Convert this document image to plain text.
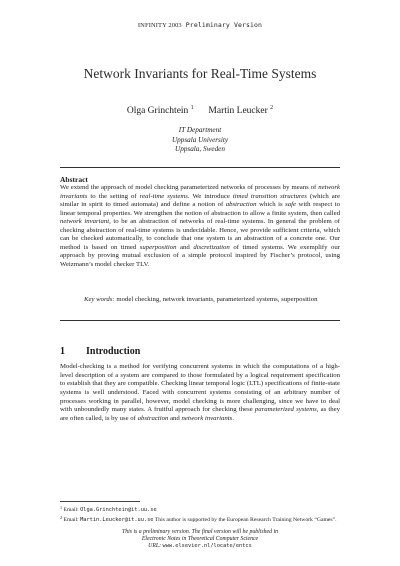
INFINITY 2003 Preliminary Version
Network Invariants for Real-Time Systems
Olga Grinchtein $^1$ Martin Leucker $^2$
IT Department
Uppsala University
Uppsala, Sweden
Abstract
We extend the approach of model checking parameterized networks of processes by means of network invariants to the setting of real-time systems. We introduce timed transition structures (which are similar in spirit to timed automata) and define a notion of abstraction which is safe with respect to linear temporal properties. We strengthen the notion of abstraction to allow a finite system, then called network invariant, to be an abstraction of networks of real-time systems. In general the problem of checking abstraction of real-time systems is undecidable. Hence, we provide sufficient criteria, which can be checked automatically, to conclude that one system is an abstraction of a concrete one. Our method is based on timed superposition and discretization of timed systems. We exemplify our approach by proving mutual exclusion of a simple protocol inspired by Fischer’s protocol, using Weizmann’s model checker TLV.
Key words: model checking, network invariants, parameterized systems, superposition
1 Introduction
Model-checking is a method for verifying concurrent systems in which the computations of a high-level description of a system are compared to those formulated by a logical requirement specification to establish that they are compatible. Checking linear temporal logic (LTL) specifications of finite-state systems is well understood. Faced with concurrent systems consisting of an arbitrary number of processes working in parallel, however, model checking is more challenging, since we have to deal with unboundedly many states. A fruitful approach for checking these parameterized systems, as they are often called, is by use of abstraction and network invariants.
$^1$ Email: Olga.Grinchtein@it.uu.se
$^2$ Email: Martin.Leucker@it.uu.se This author is supported by the European Research Training Network “Games”.
This is a preliminary version. The final version will be published in
Electronic Notes in Theoretical Computer Science
URL: www.elsevier.nl/locate/entcs
